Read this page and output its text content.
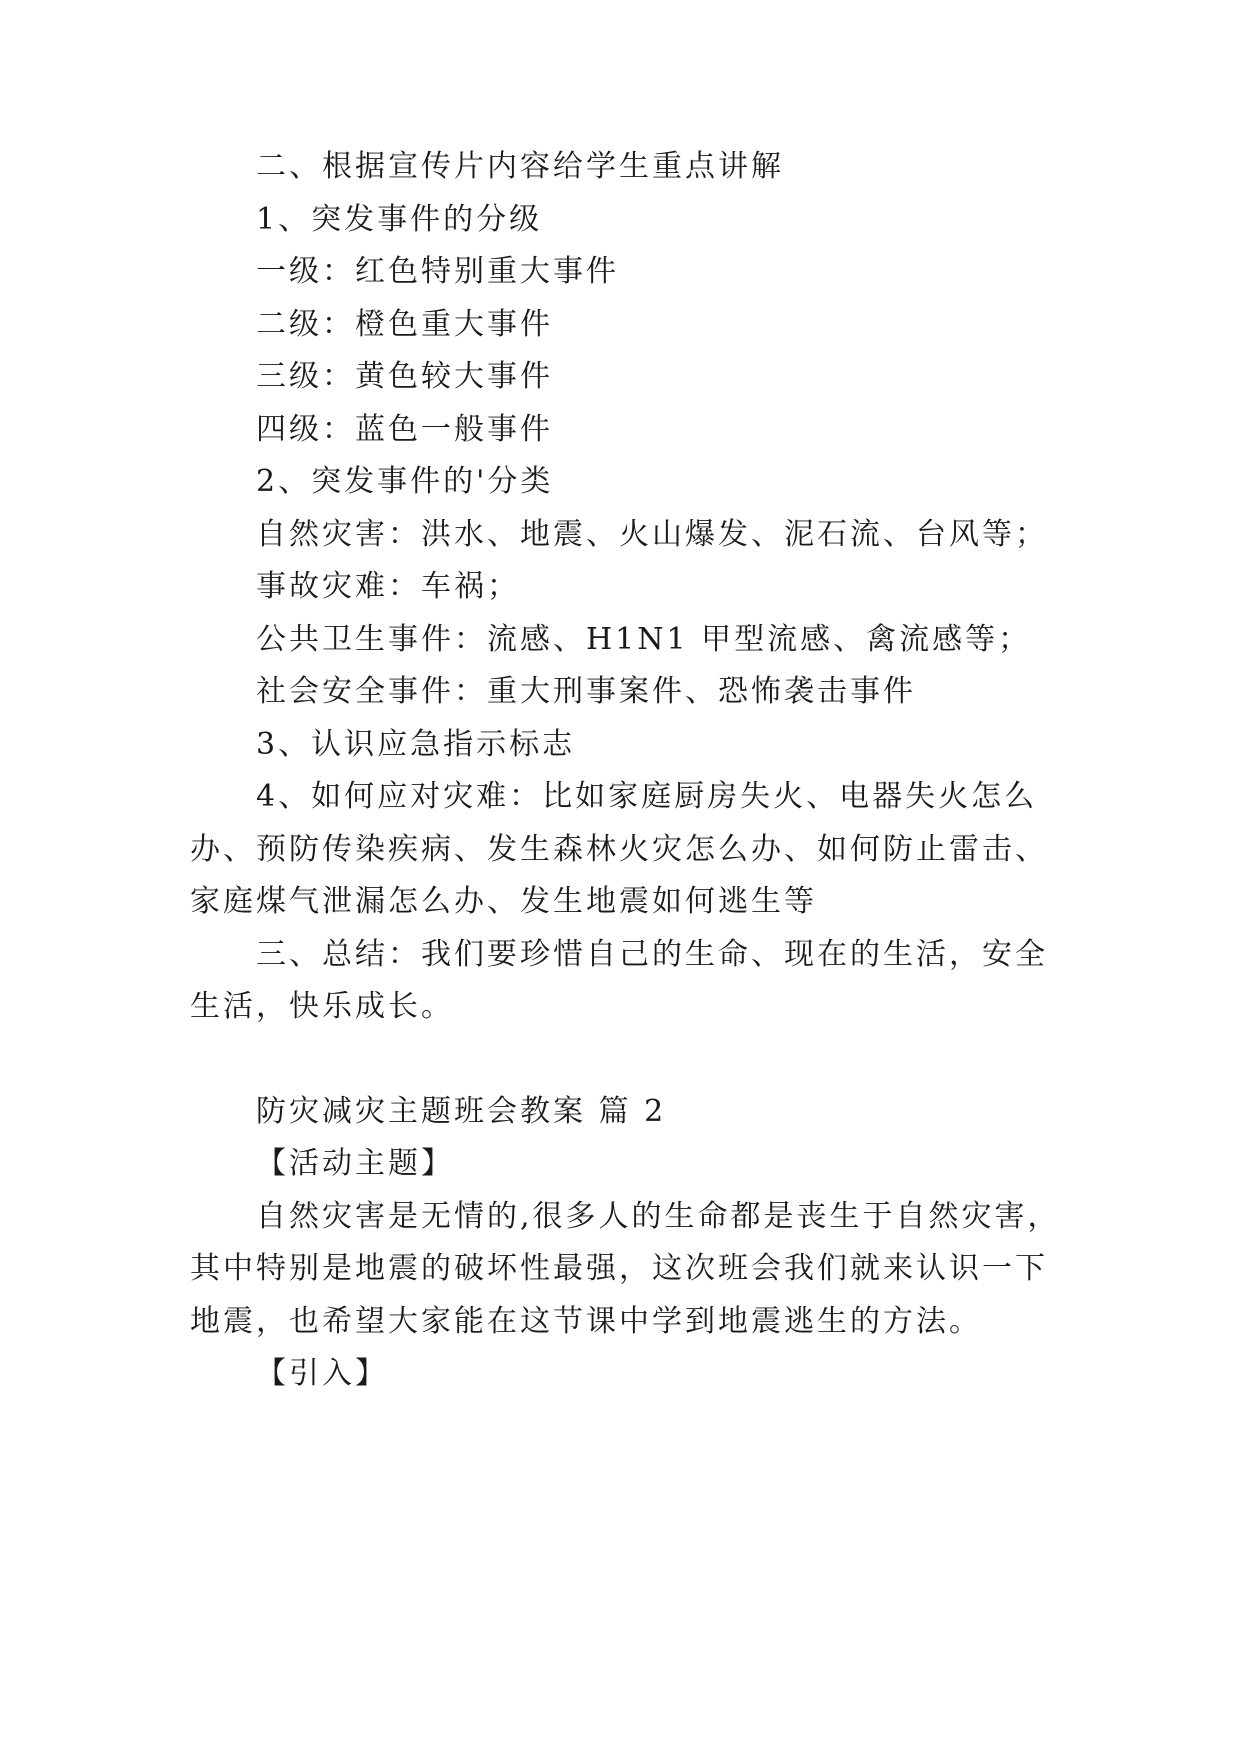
二、根据宣传片内容给学生重点讲解
1、突发事件的分级
一级：红色特别重大事件
二级：橙色重大事件
三级：黄色较大事件
四级：蓝色一般事件
2、突发事件的'分类
自然灾害：洪水、地震、火山爆发、泥石流、台风等；
事故灾难：车祸；
公共卫生事件：流感、H1N1 甲型流感、禽流感等；
社会安全事件：重大刑事案件、恐怖袭击事件
3、认识应急指示标志
4、如何应对灾难：比如家庭厨房失火、电器失火怎么
办、预防传染疾病、发生森林火灾怎么办、如何防止雷击、
家庭煤气泄漏怎么办、发生地震如何逃生等
三、总结：我们要珍惜自己的生命、现在的生活，安全
生活，快乐成长。
防灾减灾主题班会教案 篇 2
【活动主题】
自然灾害是无情的,很多人的生命都是丧生于自然灾害，
其中特别是地震的破坏性最强，这次班会我们就来认识一下
地震，也希望大家能在这节课中学到地震逃生的方法。
【引入】
